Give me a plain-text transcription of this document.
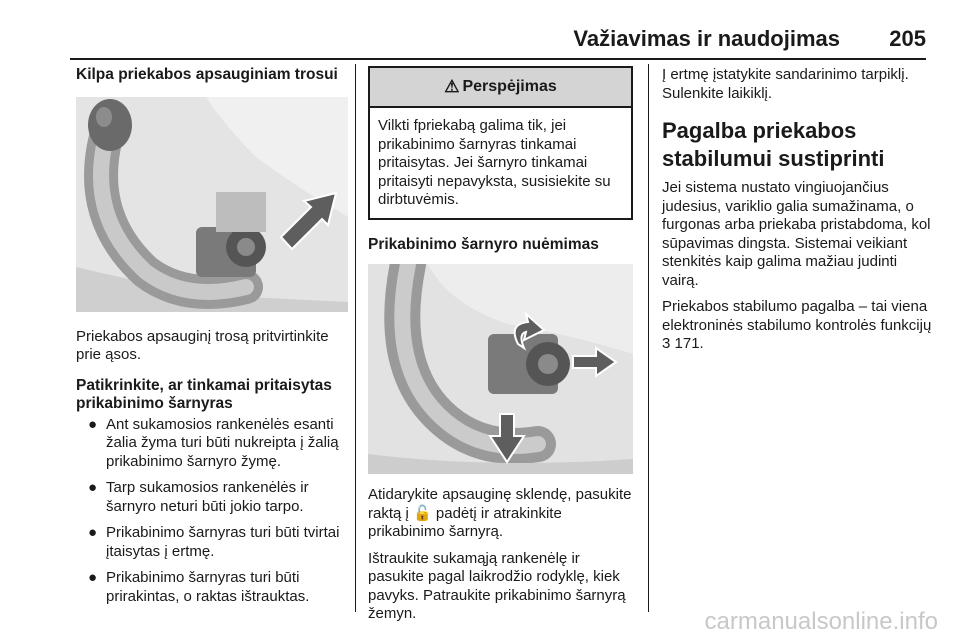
Važiavimas ir naudojimas 205
Kilpa priekabos apsauginiam trosui

Priekabos apsauginį trosą pritvirtinkite prie ąsos.

Patikrinkite, ar tinkamai pritaisytas prikabinimo šarnyras
● Ant sukamosios rankenėlės esanti žalia žyma turi būti nukreipta į žalią prikabinimo šarnyro žymę.
● Tarp sukamosios rankenėlės ir šarnyro neturi būti jokio tarpo.
● Prikabinimo šarnyras turi būti tvirtai įtaisytas į ertmę.
● Prikabinimo šarnyras turi būti prirakintas, o raktas ištrauktas.
⚠ Perspėjimas
Vilkti fpriekabą galima tik, jei prikabinimo šarnyras tinkamai pritaisytas. Jei šarnyro tinkamai pritaisyti nepavyksta, susisiekite su dirbtuvėmis.
Prikabinimo šarnyro nuėmimas

Atidarykite apsauginę sklendę, pasukite raktą į 🔓 padėtį ir atrakinkite prikabinimo šarnyrą.

Ištraukite sukamąją rankenėlę ir pasukite pagal laikrodžio rodyklę, kiek pavyks. Patraukite prikabinimo šarnyrą žemyn.

Į ertmę įstatykite sandarinimo tarpiklį. Sulenkite laikiklį.

Pagalba priekabos stabilumui sustiprinti

Jei sistema nustato vingiuojančius judesius, variklio galia sumažinama, o furgonas arba priekaba pristabdoma, kol sūpavimas dingsta. Sistemai veikiant stenkitės kaip galima mažiau judinti vairą.

Priekabos stabilumo pagalba – tai viena elektroninės stabilumo kontrolės funkcijų 3 171.

carmanualsonline.info
